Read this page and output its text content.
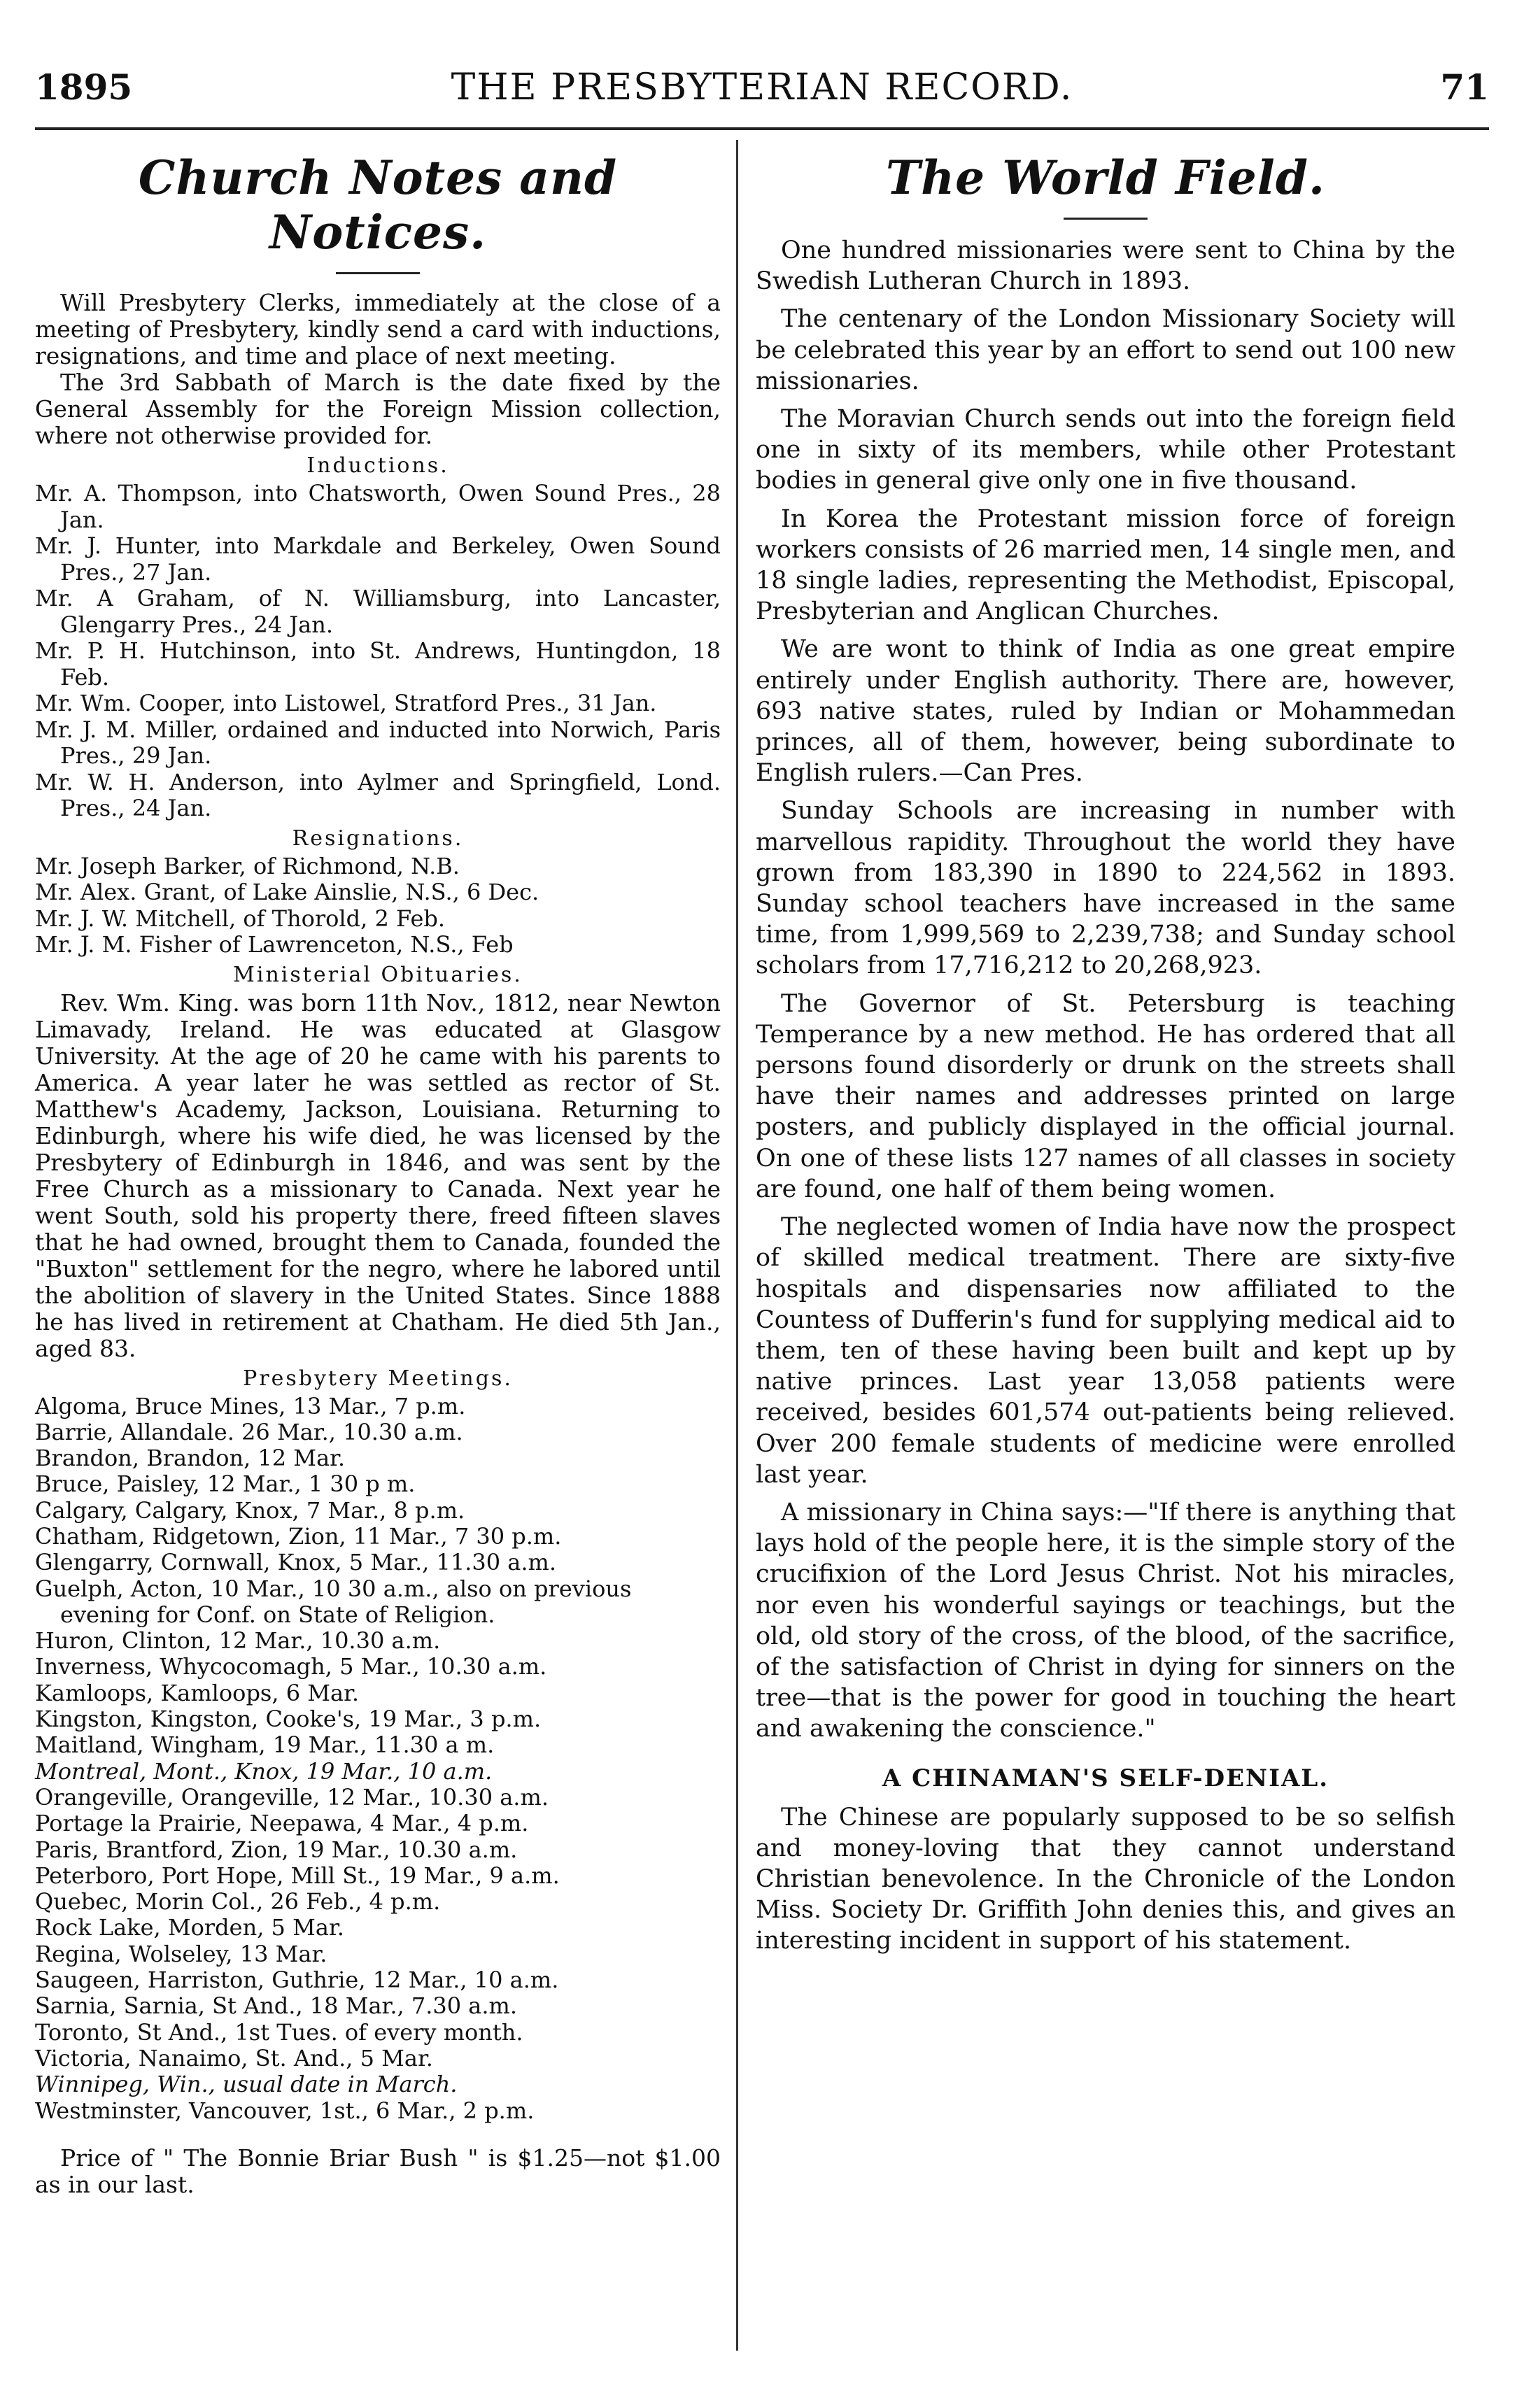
1895	THE PRESBYTERIAN RECORD.	71
Church Notes and Notices.

Will Presbytery Clerks, immediately at the close of a meeting of Presbytery, kindly send a card with inductions, resignations, and time and place of next meeting.

The 3rd Sabbath of March is the date fixed by the General Assembly for the Foreign Mission collection, where not otherwise provided for.

Inductions.

Mr. A. Thompson, into Chatsworth, Owen Sound Pres., 28 Jan.

Mr. J. Hunter, into Markdale and Berkeley, Owen Sound Pres., 27 Jan.

Mr. A Graham, of N. Williamsburg, into Lancaster, Glengarry Pres., 24 Jan.

Mr. P. H. Hutchinson, into St. Andrews, Huntingdon, 18 Feb.

Mr. Wm. Cooper, into Listowel, Stratford Pres., 31 Jan.

Mr. J. M. Miller, ordained and inducted into Norwich, Paris Pres., 29 Jan.

Mr. W. H. Anderson, into Aylmer and Springfield, Lond. Pres., 24 Jan.

Resignations.

Mr. Joseph Barker, of Richmond, N.B.

Mr. Alex. Grant, of Lake Ainslie, N.S., 6 Dec.

Mr. J. W. Mitchell, of Thorold, 2 Feb.

Mr. J. M. Fisher of Lawrenceton, N.S., Feb

Ministerial Obituaries.

Rev. Wm. King. was born 11th Nov., 1812, near Newton Limavady, Ireland. He was educated at Glasgow University. At the age of 20 he came with his parents to America. A year later he was settled as rector of St. Matthew's Academy, Jackson, Louisiana. Returning to Edinburgh, where his wife died, he was licensed by the Presbytery of Edinburgh in 1846, and was sent by the Free Church as a missionary to Canada. Next year he went South, sold his property there, freed fifteen slaves that he had owned, brought them to Canada, founded the "Buxton" settlement for the negro, where he labored until the abolition of slavery in the United States. Since 1888 he has lived in retirement at Chatham. He died 5th Jan., aged 83.

Presbytery Meetings.

Algoma, Bruce Mines, 13 Mar., 7 p.m.

Barrie, Allandale. 26 Mar., 10.30 a.m.

Brandon, Brandon, 12 Mar.

Bruce, Paisley, 12 Mar., 1 30 p m.

Calgary, Calgary, Knox, 7 Mar., 8 p.m.

Chatham, Ridgetown, Zion, 11 Mar., 7 30 p.m.

Glengarry, Cornwall, Knox, 5 Mar., 11.30 a.m.

Guelph, Acton, 10 Mar., 10 30 a.m., also on previous evening for Conf. on State of Religion.

Huron, Clinton, 12 Mar., 10.30 a.m.

Inverness, Whycocomagh, 5 Mar., 10.30 a.m.

Kamloops, Kamloops, 6 Mar.

Kingston, Kingston, Cooke's, 19 Mar., 3 p.m.

Maitland, Wingham, 19 Mar., 11.30 a m.

Montreal, Mont., Knox, 19 Mar., 10 a.m.

Orangeville, Orangeville, 12 Mar., 10.30 a.m.

Portage la Prairie, Neepawa, 4 Mar., 4 p.m.

Paris, Brantford, Zion, 19 Mar., 10.30 a.m.

Peterboro, Port Hope, Mill St., 19 Mar., 9 a.m.

Quebec, Morin Col., 26 Feb., 4 p.m.

Rock Lake, Morden, 5 Mar.

Regina, Wolseley, 13 Mar.

Saugeen, Harriston, Guthrie, 12 Mar., 10 a.m.

Sarnia, Sarnia, St And., 18 Mar., 7.30 a.m.

Toronto, St And., 1st Tues. of every month.

Victoria, Nanaimo, St. And., 5 Mar.

Winnipeg, Win., usual date in March.

Westminster, Vancouver, 1st., 6 Mar., 2 p.m.

Price of " The Bonnie Briar Bush " is $1.25—not $1.00 as in our last.

The World Field.

One hundred missionaries were sent to China by the Swedish Lutheran Church in 1893.

The centenary of the London Missionary Society will be celebrated this year by an effort to send out 100 new missionaries.

The Moravian Church sends out into the foreign field one in sixty of its members, while other Protestant bodies in general give only one in five thousand.

In Korea the Protestant mission force of foreign workers consists of 26 married men, 14 single men, and 18 single ladies, representing the Methodist, Episcopal, Presbyterian and Anglican Churches.

We are wont to think of India as one great empire entirely under English authority. There are, however, 693 native states, ruled by Indian or Mohammedan princes, all of them, however, being subordinate to English rulers.—Can Pres.

Sunday Schools are increasing in number with marvellous rapidity. Throughout the world they have grown from 183,390 in 1890 to 224,562 in 1893. Sunday school teachers have increased in the same time, from 1,999,569 to 2,239,738; and Sunday school scholars from 17,716,212 to 20,268,923.

The Governor of St. Petersburg is teaching Temperance by a new method. He has ordered that all persons found disorderly or drunk on the streets shall have their names and addresses printed on large posters, and publicly displayed in the official journal. On one of these lists 127 names of all classes in society are found, one half of them being women.

The neglected women of India have now the prospect of skilled medical treatment. There are sixty-five hospitals and dispensaries now affiliated to the Countess of Dufferin's fund for supplying medical aid to them, ten of these having been built and kept up by native princes. Last year 13,058 patients were received, besides 601,574 out-patients being relieved. Over 200 female students of medicine were enrolled last year.

A missionary in China says:—"If there is anything that lays hold of the people here, it is the simple story of the crucifixion of the Lord Jesus Christ. Not his miracles, nor even his wonderful sayings or teachings, but the old, old story of the cross, of the blood, of the sacrifice, of the satisfaction of Christ in dying for sinners on the tree—that is the power for good in touching the heart and awakening the conscience."

A CHINAMAN'S SELF-DENIAL.

The Chinese are popularly supposed to be so selfish and money-loving that they cannot understand Christian benevolence. In the Chronicle of the London Miss. Society Dr. Griffith John denies this, and gives an interesting incident in support of his statement.
